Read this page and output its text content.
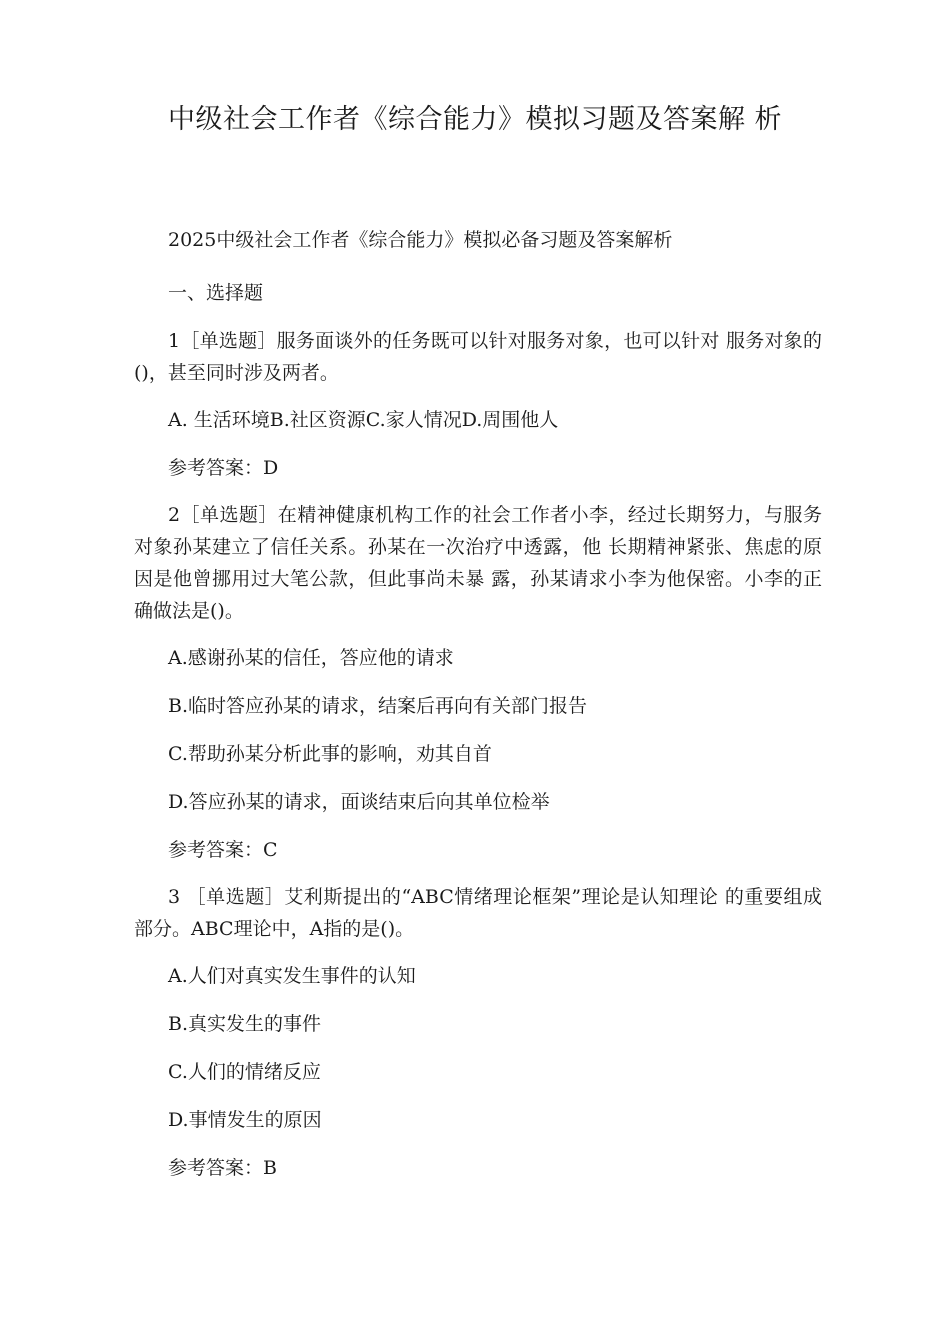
中级社会工作者《综合能力》模拟习题及答案解 析

2025中级社会工作者《综合能力》模拟必备习题及答案解析

一、选择题

1［单选题］服务面谈外的任务既可以针对服务对象，也可以针对 服务对象的()，甚至同时涉及两者。

A. 生活环境B.社区资源C.家人情况D.周围他人

参考答案：D

2［单选题］在精神健康机构工作的社会工作者小李，经过长期努力，与服务对象孙某建立了信任关系。孙某在一次治疗中透露，他 长期精神紧张、焦虑的原因是他曾挪用过大笔公款，但此事尚未暴 露，孙某请求小李为他保密。小李的正确做法是()。

A.感谢孙某的信任，答应他的请求

B.临时答应孙某的请求，结案后再向有关部门报告

C.帮助孙某分析此事的影响，劝其自首

D.答应孙某的请求，面谈结束后向其单位检举

参考答案：C

3 ［单选题］艾利斯提出的“ABC情绪理论框架”理论是认知理论 的重要组成部分。ABC理论中，A指的是()。

A.人们对真实发生事件的认知

B.真实发生的事件

C.人们的情绪反应

D.事情发生的原因

参考答案：B
